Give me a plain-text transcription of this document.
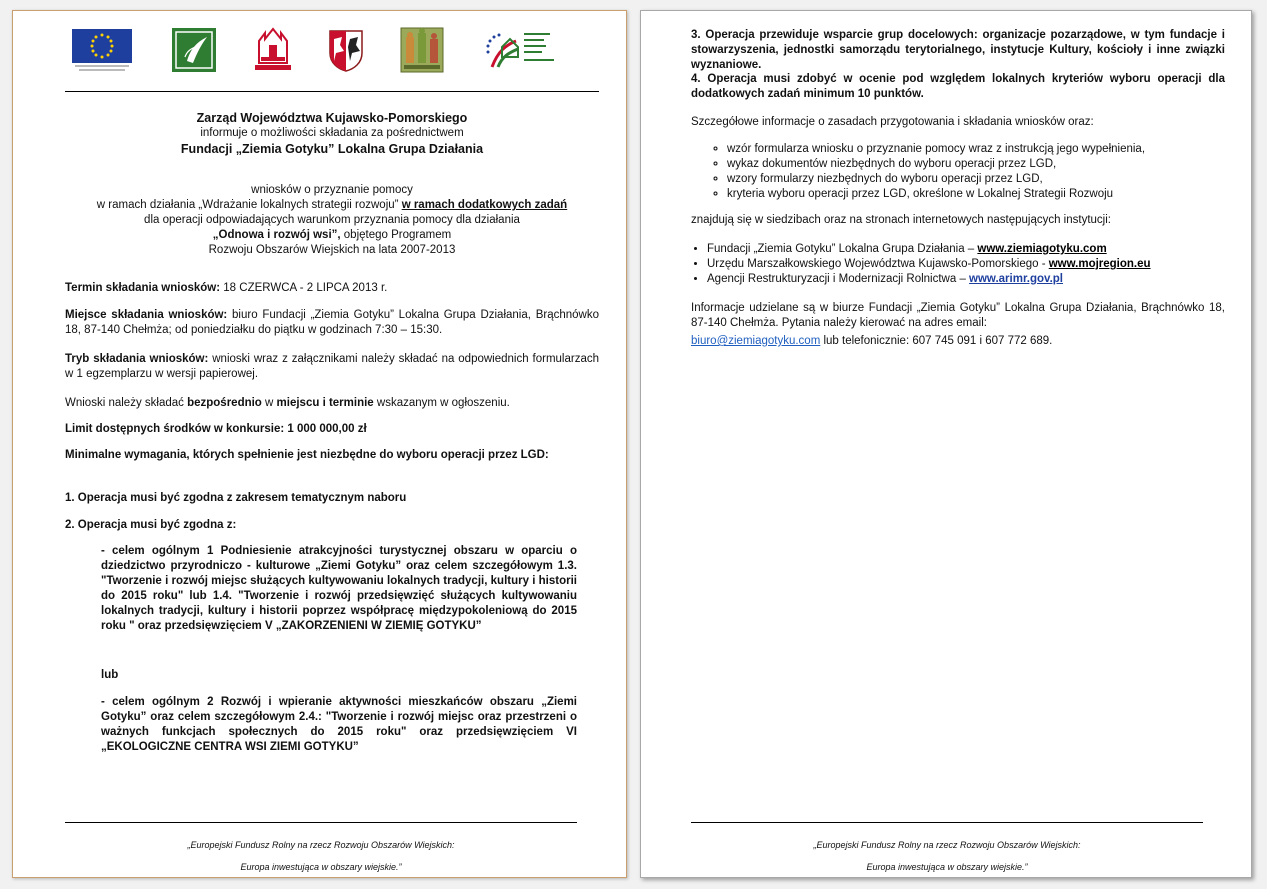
Zarząd Województwa Kujawsko-Pomorskiego
informuje o możliwości składania za pośrednictwem
Fundacji „Ziemia Gotyku” Lokalna Grupa Działania
wniosków o przyznanie pomocy
w ramach działania „Wdrażanie lokalnych strategii rozwoju” w ramach dodatkowych zadań
dla operacji odpowiadających warunkom przyznania pomocy dla działania
„Odnowa i rozwój wsi”, objętego Programem
Rozwoju Obszarów Wiejskich na lata 2007-2013
Termin składania wniosków: 18 CZERWCA - 2 LIPCA 2013 r.
Miejsce składania wniosków: biuro Fundacji „Ziemia Gotyku” Lokalna Grupa Działania, Brąchnówko 18, 87-140 Chełmża; od poniedziałku do piątku w godzinach 7:30 – 15:30.
Tryb składania wniosków: wnioski wraz z załącznikami należy składać na odpowiednich formularzach w 1 egzemplarzu w wersji papierowej.
Wnioski należy składać bezpośrednio w miejscu i terminie wskazanym w ogłoszeniu.
Limit dostępnych środków w konkursie: 1 000 000,00 zł
Minimalne wymagania, których spełnienie jest niezbędne do wyboru operacji przez LGD:
1. Operacja musi być zgodna z zakresem tematycznym naboru
2. Operacja musi być zgodna z:
- celem ogólnym 1 Podniesienie atrakcyjności turystycznej obszaru w oparciu o dziedzictwo przyrodniczo - kulturowe „Ziemi Gotyku” oraz celem szczegółowym 1.3. "Tworzenie i rozwój miejsc służących kultywowaniu lokalnych tradycji, kultury i historii do 2015 roku" lub 1.4. "Tworzenie i rozwój przedsięwzięć służących kultywowaniu lokalnych tradycji, kultury i historii poprzez współpracę międzypokoleniową do 2015 roku " oraz przedsięwzięciem V „ZAKORZENIENI W ZIEMIĘ GOTYKU”
lub
- celem ogólnym 2 Rozwój i wpieranie aktywności mieszkańców obszaru „Ziemi Gotyku” oraz celem szczegółowym 2.4.: "Tworzenie i rozwój miejsc oraz przestrzeni o ważnych funkcjach społecznych do 2015 roku" oraz przedsięwzięciem VI „EKOLOGICZNE CENTRA WSI ZIEMI GOTYKU”
„Europejski Fundusz Rolny na rzecz Rozwoju Obszarów Wiejskich:
Europa inwestująca w obszary wiejskie.”
3. Operacja przewiduje wsparcie grup docelowych: organizacje pozarządowe, w tym fundacje i stowarzyszenia, jednostki samorządu terytorialnego, instytucje Kultury, kościoły i inne związki wyznaniowe.
4. Operacja musi zdobyć w ocenie pod względem lokalnych kryteriów wyboru operacji dla dodatkowych zadań minimum 10 punktów.
Szczegółowe informacje o zasadach przygotowania i składania wniosków oraz:
◦ wzór formularza wniosku o przyznanie pomocy wraz z instrukcją jego wypełnienia,
◦ wykaz dokumentów niezbędnych do wyboru operacji przez LGD,
◦ wzory formularzy niezbędnych do wyboru operacji przez LGD,
◦ kryteria wyboru operacji przez LGD, określone w Lokalnej Strategii Rozwoju
znajdują się w siedzibach oraz na stronach internetowych następujących instytucji:
• Fundacji „Ziemia Gotyku” Lokalna Grupa Działania – www.ziemiagotyku.com
• Urzędu Marszałkowskiego Województwa Kujawsko-Pomorskiego - www.mojregion.eu
• Agencji Restrukturyzacji i Modernizacji Rolnictwa – www.arimr.gov.pl
Informacje udzielane są w biurze Fundacji „Ziemia Gotyku” Lokalna Grupa Działania, Brąchnówko 18, 87-140 Chełmża. Pytania należy kierować na adres email:
biuro@ziemiagotyku.com lub telefonicznie: 607 745 091 i 607 772 689.
„Europejski Fundusz Rolny na rzecz Rozwoju Obszarów Wiejskich:
Europa inwestująca w obszary wiejskie.”
